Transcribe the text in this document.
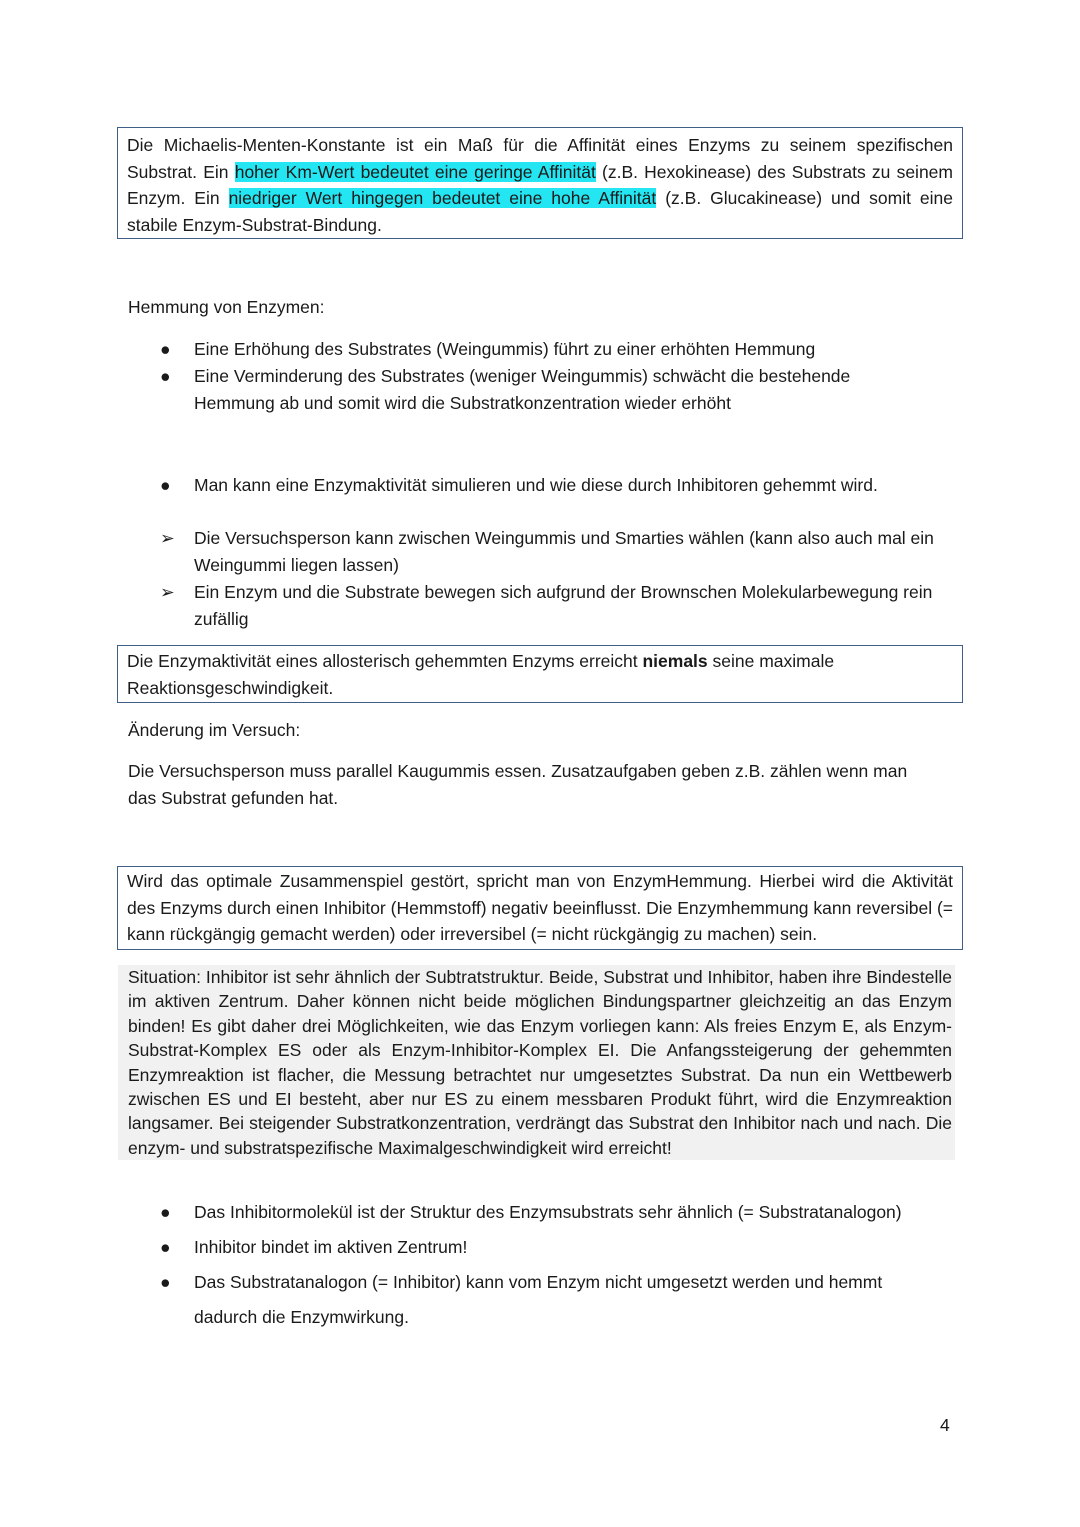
Die Michaelis-Menten-Konstante ist ein Maß für die Affinität eines Enzyms zu seinem spezifischen Substrat. Ein hoher Km-Wert bedeutet eine geringe Affinität (z.B. Hexokinease) des Substrats zu seinem Enzym. Ein niedriger Wert hingegen bedeutet eine hohe Affinität (z.B. Glucakinease) und somit eine stabile Enzym-Substrat-Bindung.

Hemmung von Enzymen:
● Eine Erhöhung des Substrates (Weingummis) führt zu einer erhöhten Hemmung
● Eine Verminderung des Substrates (weniger Weingummis) schwächt die bestehende Hemmung ab und somit wird die Substratkonzentration wieder erhöht
● Man kann eine Enzymaktivität simulieren und wie diese durch Inhibitoren gehemmt wird.
➢ Die Versuchsperson kann zwischen Weingummis und Smarties wählen (kann also auch mal ein Weingummi liegen lassen)
➢ Ein Enzym und die Substrate bewegen sich aufgrund der Brownschen Molekularbewegung rein zufällig

Die Enzymaktivität eines allosterisch gehemmten Enzyms erreicht niemals seine maximale Reaktionsgeschwindigkeit.

Änderung im Versuch:
Die Versuchsperson muss parallel Kaugummis essen. Zusatzaufgaben geben z.B. zählen wenn man das Substrat gefunden hat.

Wird das optimale Zusammenspiel gestört, spricht man von EnzymHemmung. Hierbei wird die Aktivität des Enzyms durch einen Inhibitor (Hemmstoff) negativ beeinflusst. Die Enzymhemmung kann reversibel (= kann rückgängig gemacht werden) oder irreversibel (= nicht rückgängig zu machen) sein.

Situation: Inhibitor ist sehr ähnlich der Subtratstruktur. Beide, Substrat und Inhibitor, haben ihre Bindestelle im aktiven Zentrum. Daher können nicht beide möglichen Bindungspartner gleichzeitig an das Enzym binden! Es gibt daher drei Möglichkeiten, wie das Enzym vorliegen kann: Als freies Enzym E, als Enzym-Substrat-Komplex ES oder als Enzym-Inhibitor-Komplex EI. Die Anfangssteigerung der gehemmten Enzymreaktion ist flacher, die Messung betrachtet nur umgesetztes Substrat. Da nun ein Wettbewerb zwischen ES und EI besteht, aber nur ES zu einem messbaren Produkt führt, wird die Enzymreaktion langsamer. Bei steigender Substratkonzentration, verdrängt das Substrat den Inhibitor nach und nach. Die enzym- und substratspezifische Maximalgeschwindigkeit wird erreicht!
● Das Inhibitormolekül ist der Struktur des Enzymsubstrats sehr ähnlich (= Substratanalogon)
● Inhibitor bindet im aktiven Zentrum!
● Das Substratanalogon (= Inhibitor) kann vom Enzym nicht umgesetzt werden und hemmt dadurch die Enzymwirkung.
4
